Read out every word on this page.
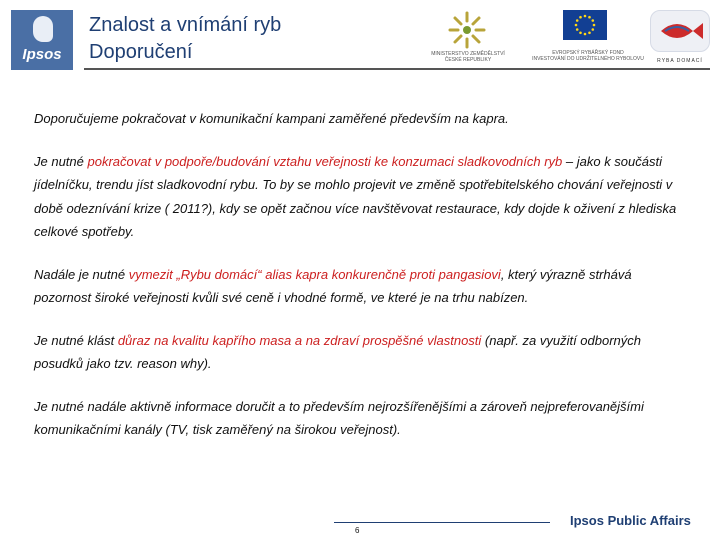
Ipsos
Znalost a vnímání ryb
Doporučení	MINISTERSTVO ZEMĚDĚLSTVÍ ČESKÉ REPUBLIKY
EVROPSKÝ RYBÁŘSKÝ FOND
INVESTOVÁNÍ DO UDRŽITELNÉHO RYBOLOVU	RYBA DOMACÍ

Doporučujeme pokračovat v komunikační kampani zaměřené především na kapra.

Je nutné pokračovat v podpoře/budování vztahu veřejnosti ke konzumaci sladkovodních ryb – jako k součásti jídelníčku, trendu jíst sladkovodní rybu. To by se mohlo projevit ve změně spotřebitelského chování veřejnosti v době odeznívání krize ( 2011?), kdy se opět začnou více navštěvovat restaurace, kdy dojde k oživení z hlediska celkové spotřeby.

Nadále je nutné vymezit „Rybu domácí“ alias kapra konkurenčně proti pangasiovi, který výrazně strhává pozornost široké veřejnosti kvůli své ceně i vhodné formě, ve které je na trhu nabízen.

Je nutné klást důraz na kvalitu kapřího masa a na zdraví prospěšné vlastnosti (např. za využití odborných posudků jako tzv. reason why).

Je nutné nadále aktivně informace doručit a to především nejrozšířenějšími a zároveň nejpreferovanějšími komunikačními kanály (TV, tisk zaměřený na širokou veřejnost).

6
Ipsos Public Affairs
